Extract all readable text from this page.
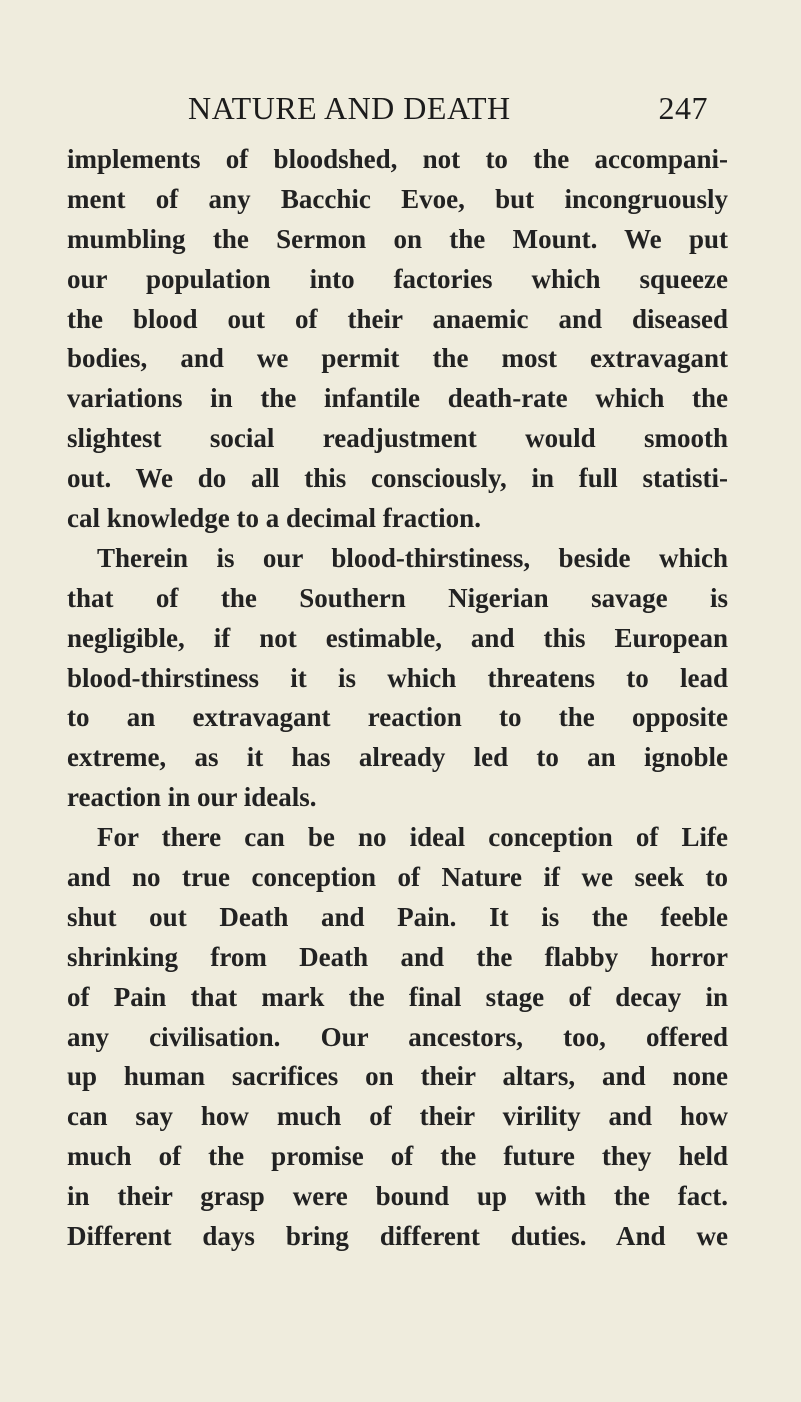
NATURE AND DEATH	247
implements of bloodshed, not to the accompani-
ment of any Bacchic Evoe, but incongruously
mumbling the Sermon on the Mount. We put
our population into factories which squeeze
the blood out of their anaemic and diseased
bodies, and we permit the most extravagant
variations in the infantile death-rate which the
slightest social readjustment would smooth
out. We do all this consciously, in full statisti-
cal knowledge to a decimal fraction.
Therein is our blood-thirstiness, beside which
that of the Southern Nigerian savage is
negligible, if not estimable, and this European
blood-thirstiness it is which threatens to lead
to an extravagant reaction to the opposite
extreme, as it has already led to an ignoble
reaction in our ideals.
For there can be no ideal conception of Life
and no true conception of Nature if we seek to
shut out Death and Pain. It is the feeble
shrinking from Death and the flabby horror
of Pain that mark the final stage of decay in
any civilisation. Our ancestors, too, offered
up human sacrifices on their altars, and none
can say how much of their virility and how
much of the promise of the future they held
in their grasp were bound up with the fact.
Different days bring different duties. And we
